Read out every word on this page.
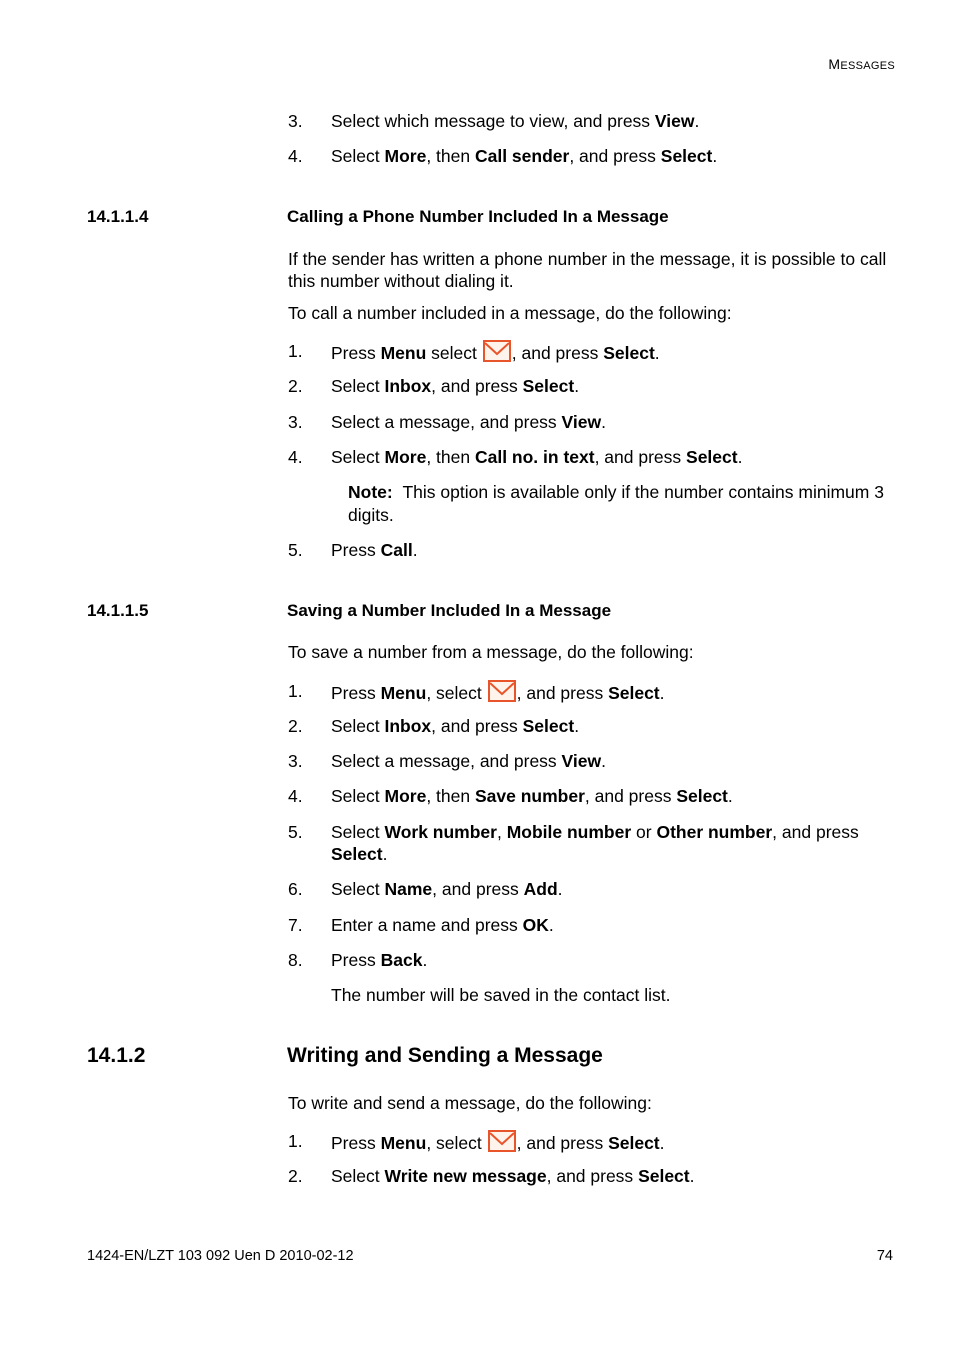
MESSAGES
3. Select which message to view, and press View.
4. Select More, then Call sender, and press Select.
14.1.1.4	Calling a Phone Number Included In a Message
If the sender has written a phone number in the message, it is possible to call this number without dialing it.
To call a number included in a message, do the following:
1. Press Menu select , and press Select.
2. Select Inbox, and press Select.
3. Select a message, and press View.
4. Select More, then Call no. in text, and press Select.
Note: This option is available only if the number contains minimum 3 digits.
5. Press Call.
14.1.1.5	Saving a Number Included In a Message
To save a number from a message, do the following:
1. Press Menu, select , and press Select.
2. Select Inbox, and press Select.
3. Select a message, and press View.
4. Select More, then Save number, and press Select.
5. Select Work number, Mobile number or Other number, and press Select.
6. Select Name, and press Add.
7. Enter a name and press OK.
8. Press Back.
The number will be saved in the contact list.
14.1.2	Writing and Sending a Message
To write and send a message, do the following:
1. Press Menu, select , and press Select.
2. Select Write new message, and press Select.
1424-EN/LZT 103 092 Uen D 2010-02-12	74
